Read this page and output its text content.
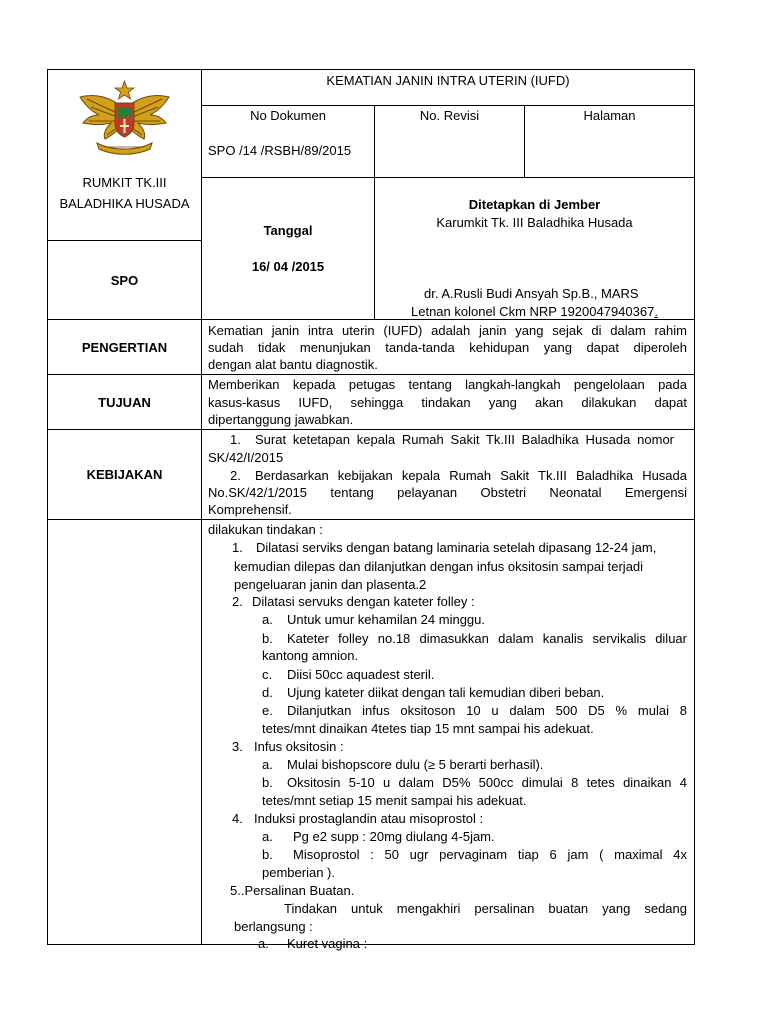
RUMKIT TK.III
BALADHIKA HUSADA
SPO
KEMATIAN JANIN INTRA UTERIN (IUFD)
No Dokumen
SPO /14 /RSBH/89/2015
No. Revisi	Halaman
Tanggal
16/ 04 /2015
Ditetapkan di Jember
Karumkit Tk. III Baladhika Husada
dr. A.Rusli Budi Ansyah Sp.B., MARS
Letnan kolonel Ckm NRP 1920047940367.
PENGERTIAN
Kematian janin intra uterin (IUFD) adalah janin yang sejak di dalam rahim
sudah tidak menunjukan tanda-tanda kehidupan yang dapat diperoleh
dengan alat bantu diagnostik.
TUJUAN
Memberikan kepada petugas tentang langkah-langkah pengelolaan pada
kasus-kasus IUFD, sehingga tindakan yang akan dilakukan dapat
dipertanggung jawabkan.
KEBIJAKAN
1. Surat ketetapan kepala Rumah Sakit Tk.III Baladhika Husada nomor
SK/42/I/2015
2. Berdasarkan kebijakan kepala Rumah Sakit Tk.III Baladhika Husada
No.SK/42/1/2015 tentang pelayanan Obstetri Neonatal Emergensi
Komprehensif.
dilakukan tindakan :
1. Dilatasi serviks dengan batang laminaria setelah dipasang 12-24 jam,
kemudian dilepas dan dilanjutkan dengan infus oksitosin sampai terjadi
pengeluaran janin dan plasenta.2
2. Dilatasi servuks dengan kateter folley :
a. Untuk umur kehamilan 24 minggu.
b. Kateter folley no.18 dimasukkan dalam kanalis servikalis diluar
kantong amnion.
c. Diisi 50cc aquadest steril.
d. Ujung kateter diikat dengan tali kemudian diberi beban.
e. Dilanjutkan infus oksitoson 10 u dalam 500 D5 % mulai 8
tetes/mnt dinaikan 4tetes tiap 15 mnt sampai his adekuat.
3. Infus oksitosin :
a. Mulai bishopscore dulu (≥ 5 berarti berhasil).
b. Oksitosin 5-10 u dalam D5% 500cc dimulai 8 tetes dinaikan 4
tetes/mnt setiap 15 menit sampai his adekuat.
4. Induksi prostaglandin atau misoprostol :
a. Pg e2 supp : 20mg diulang 4-5jam.
b. Misoprostol : 50 ugr pervaginam tiap 6 jam ( maximal 4x
pemberian ).
5..Persalinan Buatan.
Tindakan untuk mengakhiri persalinan buatan yang sedang
berlangsung :
a. Kuret vagina :
